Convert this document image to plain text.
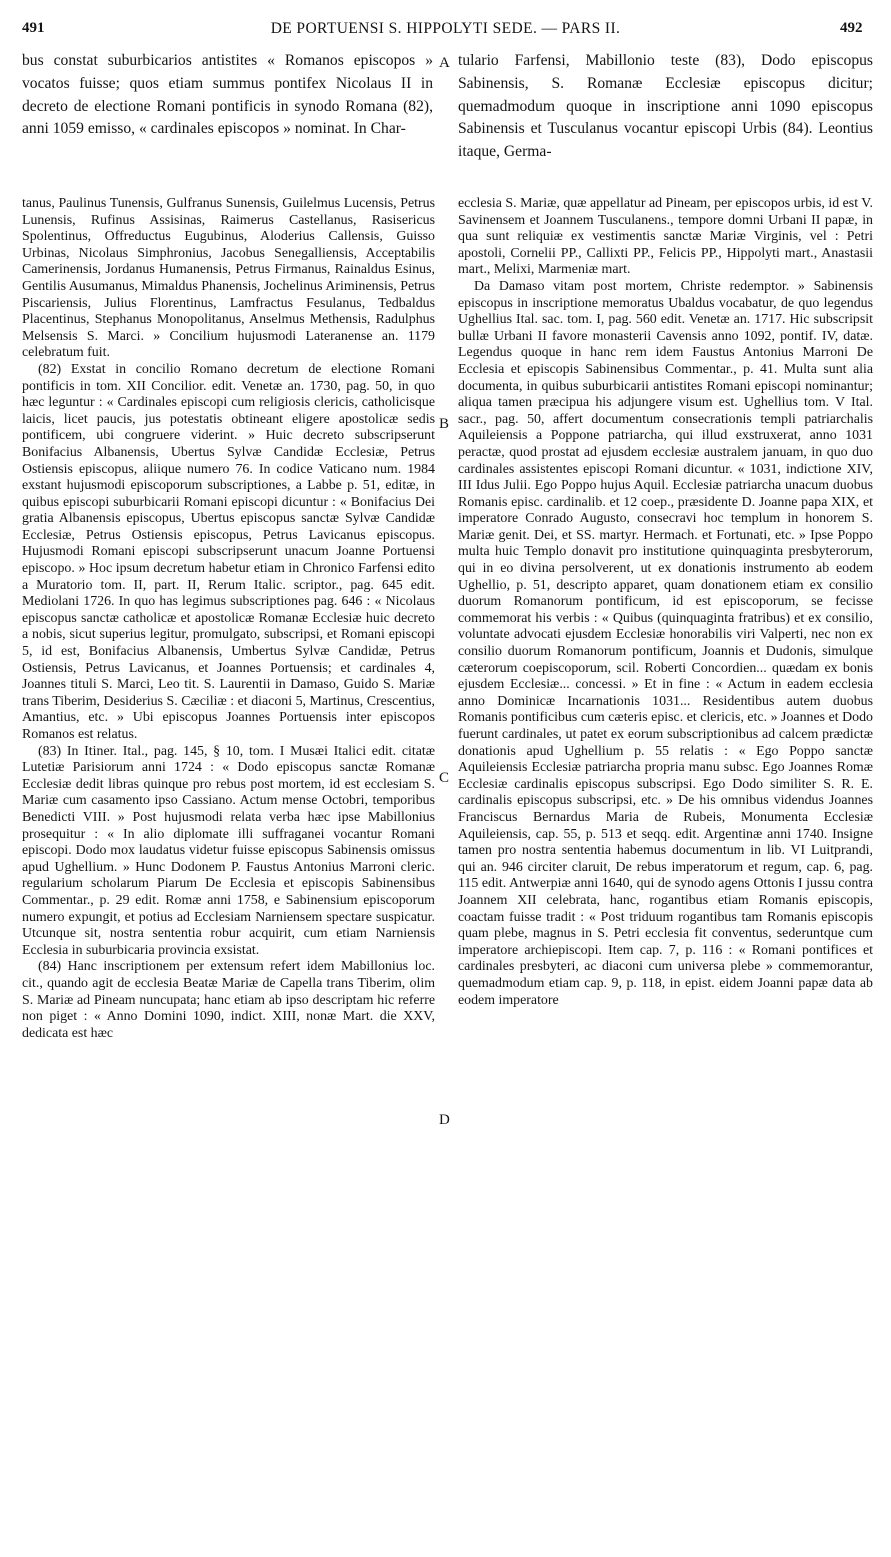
491	DE PORTUENSI S. HIPPOLYTI SEDE. — PARS II.	492

bus constat suburbicarios antistites « Romanos episcopos » vocatos fuisse; quos etiam summus pontifex Nicolaus II in decreto de electione Romani pontificis in synodo Romana (82), anni 1059 emisso, « cardinales episcopos » nominat. In Char-

tulario Farfensi, Mabillonio teste (83), Dodo episcopus Sabinensis, S. Romanæ Ecclesiæ episcopus dicitur; quemadmodum quoque in inscriptione anni 1090 episcopus Sabinensis et Tusculanus vocantur episcopi Urbis (84). Leontius itaque, Germa-

A
B
C
D

tanus, Paulinus Tunensis, Gulfranus Sunensis, Guilelmus Lucensis, Petrus Lunensis, Rufinus Assisinas, Raimerus Castellanus, Rasisericus Spolentinus, Offreductus Eugubinus, Aloderius Callensis, Guisso Urbinas, Nicolaus Simphronius, Jacobus Senegalliensis, Acceptabilis Camerinensis, Jordanus Humanensis, Petrus Firmanus, Rainaldus Esinus, Gentilis Ausumanus, Mimaldus Phanensis, Jochelinus Ariminensis, Petrus Piscariensis, Julius Florentinus, Lamfractus Fesulanus, Tedbaldus Placentinus, Stephanus Monopolitanus, Anselmus Methensis, Radulphus Melsensis S. Marci. » Concilium hujusmodi Lateranense an. 1179 celebratum fuit.

(82) Exstat in concilio Romano decretum de electione Romani pontificis in tom. XII Concilior. edit. Venetæ an. 1730, pag. 50, in quo hæc leguntur : « Cardinales episcopi cum religiosis clericis, catholicisque laicis, licet paucis, jus potestatis obtineant eligere apostolicæ sedis pontificem, ubi congruere viderint. » Huic decreto subscripserunt Bonifacius Albanensis, Ubertus Sylvæ Candidæ Ecclesiæ, Petrus Ostiensis episcopus, aliique numero 76. In codice Vaticano num. 1984 exstant hujusmodi episcoporum subscriptiones, a Labbe p. 51, editæ, in quibus episcopi suburbicarii Romani episcopi dicuntur : « Bonifacius Dei gratia Albanensis episcopus, Ubertus episcopus sanctæ Sylvæ Candidæ Ecclesiæ, Petrus Ostiensis episcopus, Petrus Lavicanus episcopus. Hujusmodi Romani episcopi subscripserunt unacum Joanne Portuensi episcopo. » Hoc ipsum decretum habetur etiam in Chronico Farfensi edito a Muratorio tom. II, part. II, Rerum Italic. scriptor., pag. 645 edit. Mediolani 1726. In quo has legimus subscriptiones pag. 646 : « Nicolaus episcopus sanctæ catholicæ et apostolicæ Romanæ Ecclesiæ huic decreto a nobis, sicut superius legitur, promulgato, subscripsi, et Romani episcopi 5, id est, Bonifacius Albanensis, Umbertus Sylvæ Candidæ, Petrus Ostiensis, Petrus Lavicanus, et Joannes Portuensis; et cardinales 4, Joannes tituli S. Marci, Leo tit. S. Laurentii in Damaso, Guido S. Mariæ trans Tiberim, Desiderius S. Cæciliæ : et diaconi 5, Martinus, Crescentius, Amantius, etc. » Ubi episcopus Joannes Portuensis inter episcopos Romanos est relatus.

(83) In Itiner. Ital., pag. 145, § 10, tom. I Musæi Italici edit. citatæ Lutetiæ Parisiorum anni 1724 : « Dodo episcopus sanctæ Romanæ Ecclesiæ dedit libras quinque pro rebus post mortem, id est ecclesiam S. Mariæ cum casamento ipso Cassiano. Actum mense Octobri, temporibus Benedicti VIII. » Post hujusmodi relata verba hæc ipse Mabillonius prosequitur : « In alio diplomate illi suffraganei vocantur Romani episcopi. Dodo mox laudatus videtur fuisse episcopus Sabinensis omissus apud Ughellium. » Hunc Dodonem P. Faustus Antonius Marroni cleric. regularium scholarum Piarum De Ecclesia et episcopis Sabinensibus Commentar., p. 29 edit. Romæ anni 1758, e Sabinensium episcoporum numero expungit, et potius ad Ecclesiam Narniensem spectare suspicatur. Utcunque sit, nostra sententia robur acquirit, cum etiam Narniensis Ecclesia in suburbicaria provincia exsistat.

(84) Hanc inscriptionem per extensum refert idem Mabillonius loc. cit., quando agit de ecclesia Beatæ Mariæ de Capella trans Tiberim, olim S. Mariæ ad Pineam nuncupata; hanc etiam ab ipso descriptam hic referre non piget : « Anno Domini 1090, indict. XIII, nonæ Mart. die XXV, dedicata est hæc

ecclesia S. Mariæ, quæ appellatur ad Pineam, per episcopos urbis, id est V. Savinensem et Joannem Tusculanens., tempore domni Urbani II papæ, in qua sunt reliquiæ ex vestimentis sanctæ Mariæ Virginis, vel : Petri apostoli, Cornelii PP., Callixti PP., Felicis PP., Hippolyti mart., Anastasii mart., Melixi, Marmeniæ mart.

Da Damaso vitam post mortem, Christe redemptor. » Sabinensis episcopus in inscriptione memoratus Ubaldus vocabatur, de quo legendus Ughellius Ital. sac. tom. I, pag. 560 edit. Venetæ an. 1717. Hic subscripsit bullæ Urbani II favore monasterii Cavensis anno 1092, pontif. IV, datæ. Legendus quoque in hanc rem idem Faustus Antonius Marroni De Ecclesia et episcopis Sabinensibus Commentar., p. 41. Multa sunt alia documenta, in quibus suburbicarii antistites Romani episcopi nominantur; aliqua tamen præcipua his adjungere visum est. Ughellius tom. V Ital. sacr., pag. 50, affert documentum consecrationis templi patriarchalis Aquileiensis a Poppone patriarcha, qui illud exstruxerat, anno 1031 peractæ, quod prostat ad ejusdem ecclesiæ australem januam, in quo duo cardinales assistentes episcopi Romani dicuntur. « 1031, indictione XIV, III Idus Julii. Ego Poppo hujus Aquil. Ecclesiæ patriarcha unacum duobus Romanis episc. cardinalib. et 12 coep., præsidente D. Joanne papa XIX, et imperatore Conrado Augusto, consecravi hoc templum in honorem S. Mariæ genit. Dei, et SS. martyr. Hermach. et Fortunati, etc. » Ipse Poppo multa huic Templo donavit pro institutione quinquaginta presbyterorum, qui in eo divina persolverent, ut ex donationis instrumento ab eodem Ughellio, p. 51, descripto apparet, quam donationem etiam ex consilio duorum Romanorum pontificum, id est episcoporum, se fecisse commemorat his verbis : « Quibus (quinquaginta fratribus) et ex consilio, voluntate advocati ejusdem Ecclesiæ honorabilis viri Valperti, nec non ex consilio duorum Romanorum pontificum, Joannis et Dudonis, simulque cæterorum coepiscoporum, scil. Roberti Concordien... quædam ex bonis ejusdem Ecclesiæ... concessi. » Et in fine : « Actum in eadem ecclesia anno Dominicæ Incarnationis 1031... Residentibus autem duobus Romanis pontificibus cum cæteris episc. et clericis, etc. » Joannes et Dodo fuerunt cardinales, ut patet ex eorum subscriptionibus ad calcem prædictæ donationis apud Ughellium p. 55 relatis : « Ego Poppo sanctæ Aquileiensis Ecclesiæ patriarcha propria manu subsc. Ego Joannes Romæ Ecclesiæ cardinalis episcopus subscripsi. Ego Dodo similiter S. R. E. cardinalis episcopus subscripsi, etc. » De his omnibus videndus Joannes Franciscus Bernardus Maria de Rubeis, Monumenta Ecclesiæ Aquileiensis, cap. 55, p. 513 et seqq. edit. Argentinæ anni 1740. Insigne tamen pro nostra sententia habemus documentum in lib. VI Luitprandi, qui an. 946 circiter claruit, De rebus imperatorum et regum, cap. 6, pag. 115 edit. Antwerpiæ anni 1640, qui de synodo agens Ottonis I jussu contra Joannem XII celebrata, hanc, rogantibus etiam Romanis episcopis, coactam fuisse tradit : « Post triduum rogantibus tam Romanis episcopis quam plebe, magnus in S. Petri ecclesia fit conventus, sederuntque cum imperatore archiepiscopi. Item cap. 7, p. 116 : « Romani pontifices et cardinales presbyteri, ac diaconi cum universa plebe » commemorantur, quemadmodum etiam cap. 9, p. 118, in epist. eidem Joanni papæ data ab eodem imperatore
